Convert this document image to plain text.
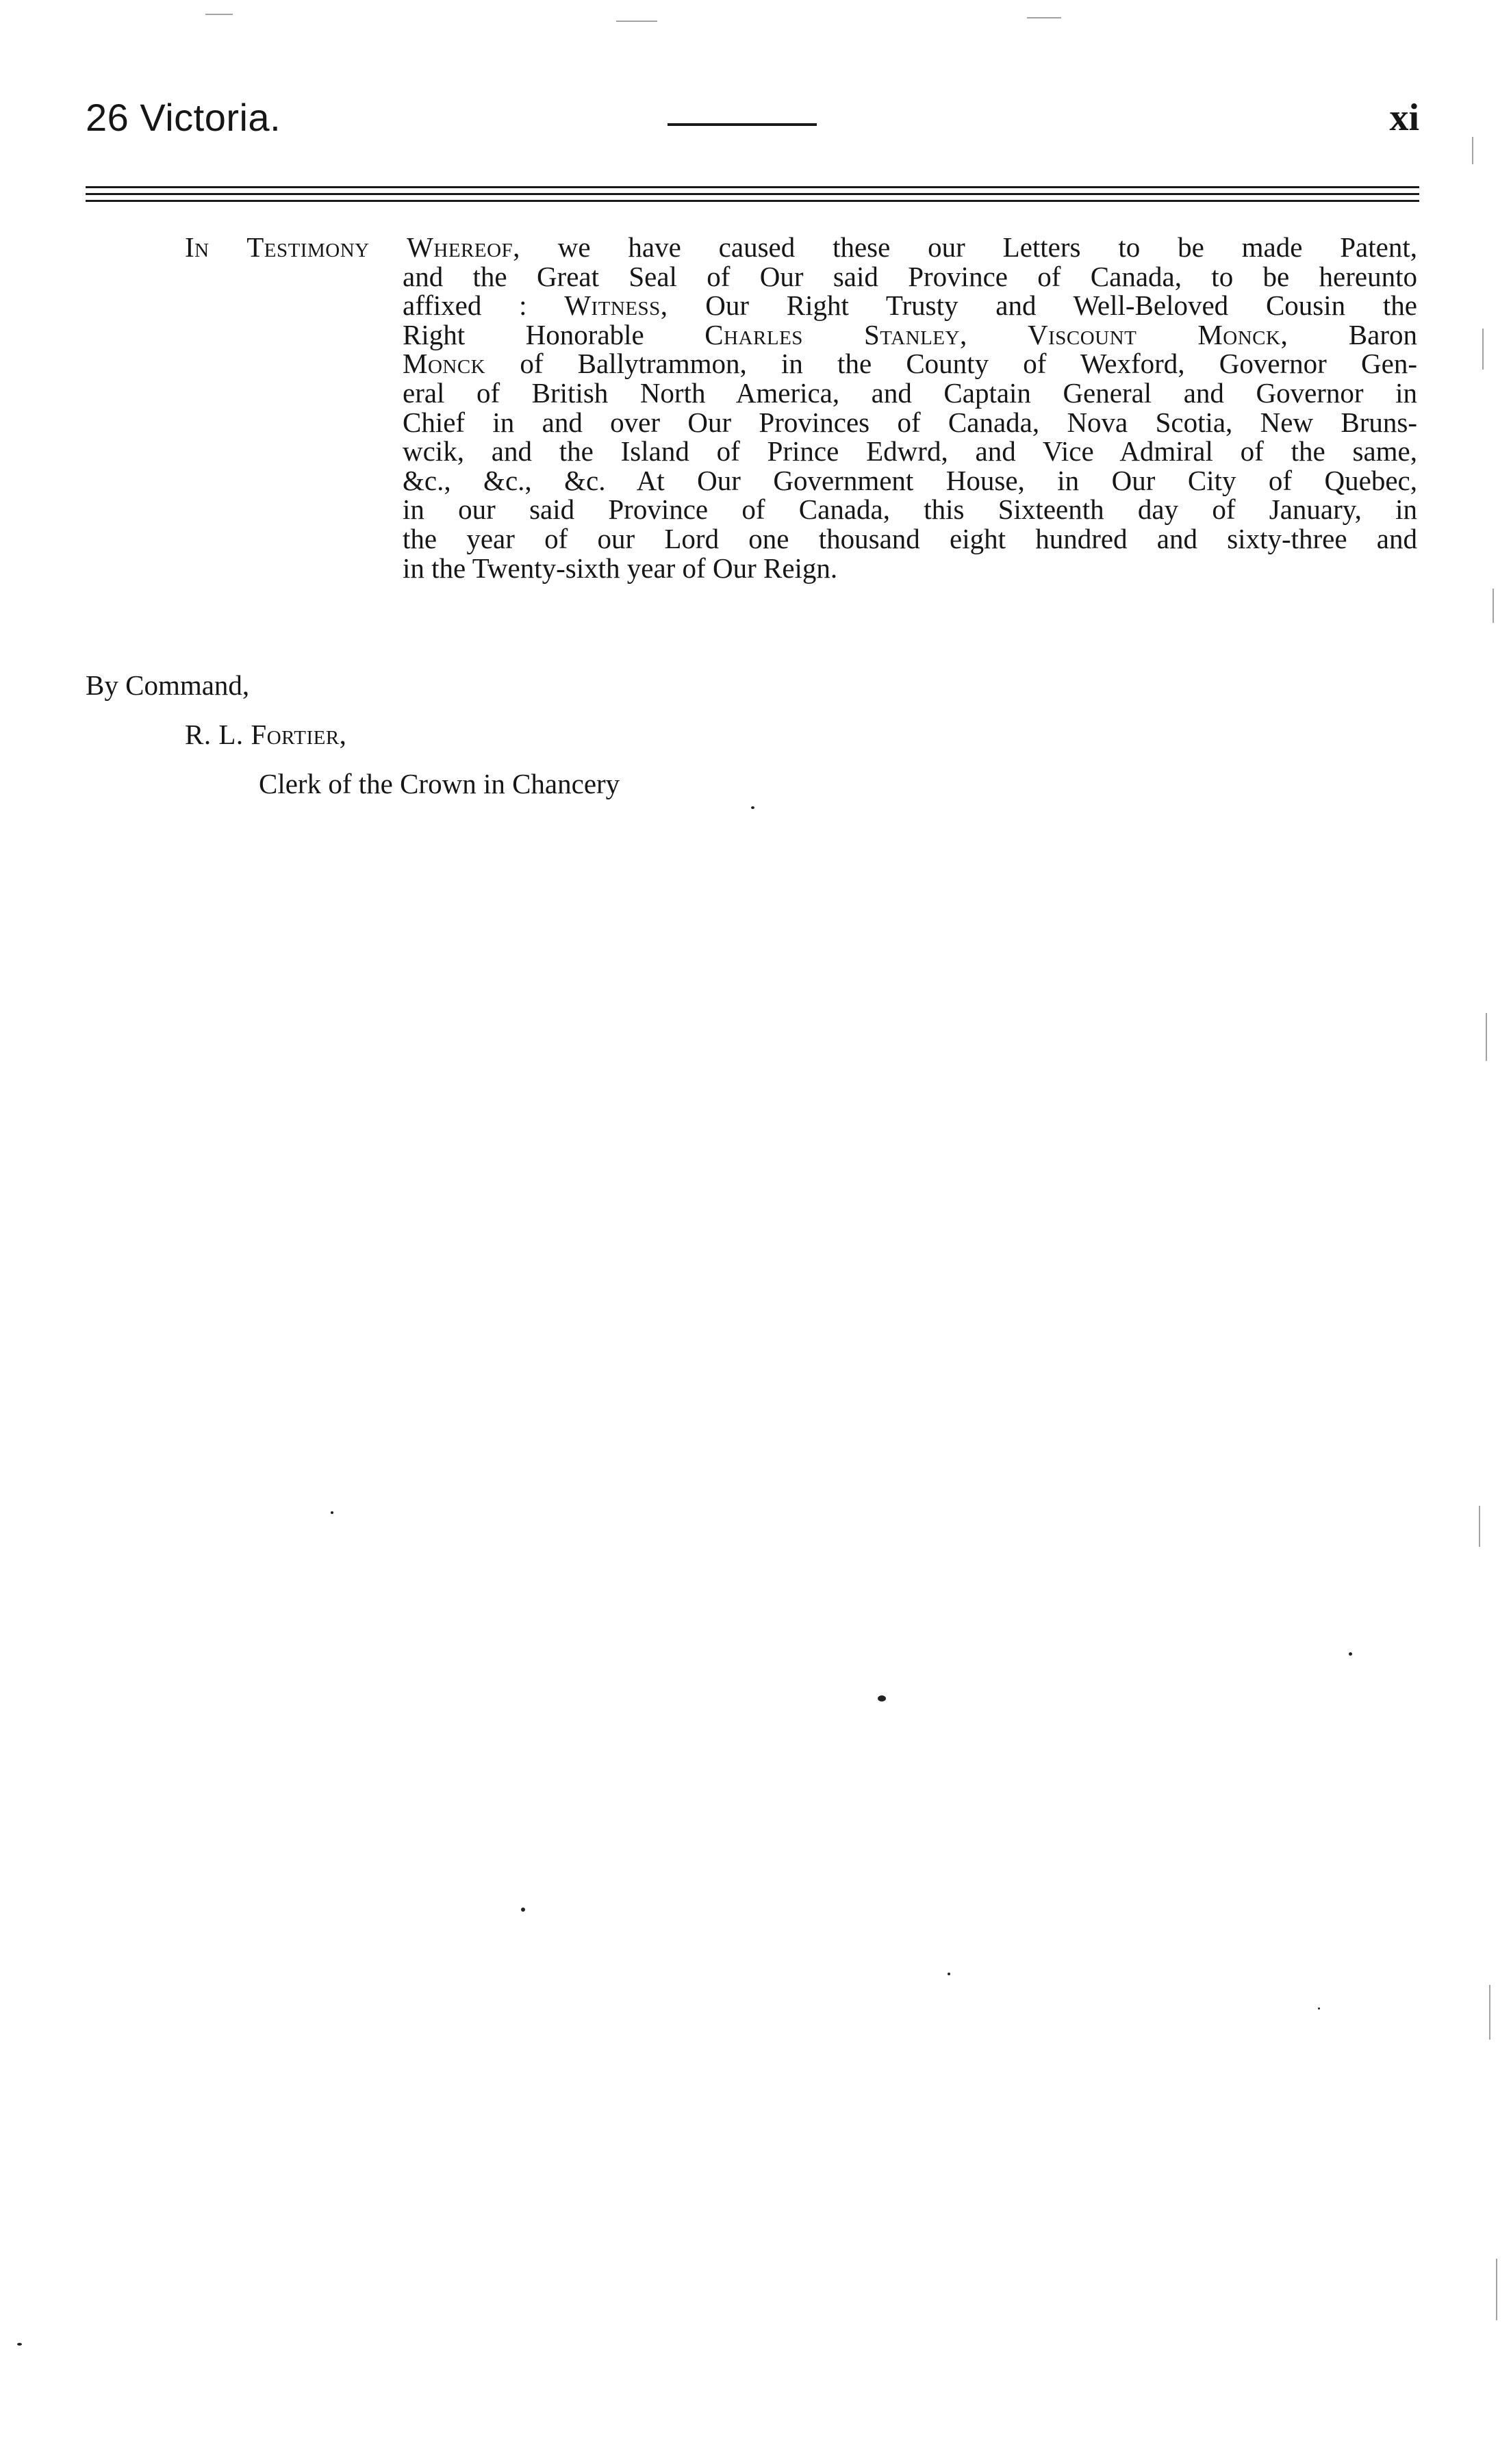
26 Victoria.	xi
In Testimony Whereof, we have caused these our Letters to be made Patent,
and the Great Seal of Our said Province of Canada, to be hereunto
affixed : Witness, Our Right Trusty and Well-Beloved Cousin the
Right Honorable Charles Stanley, Viscount Monck, Baron
Monck of Ballytrammon, in the County of Wexford, Governor Gen-
eral of British North America, and Captain General and Governor in
Chief in and over Our Provinces of Canada, Nova Scotia, New Bruns-
wcik, and the Island of Prince Edwrd, and Vice Admiral of the same,
&c., &c., &c. At Our Government House, in Our City of Quebec,
in our said Province of Canada, this Sixteenth day of January, in
the year of our Lord one thousand eight hundred and sixty-three and
in the Twenty-sixth year of Our Reign.
By Command,
R. L. Fortier,
Clerk of the Crown in Chancery
